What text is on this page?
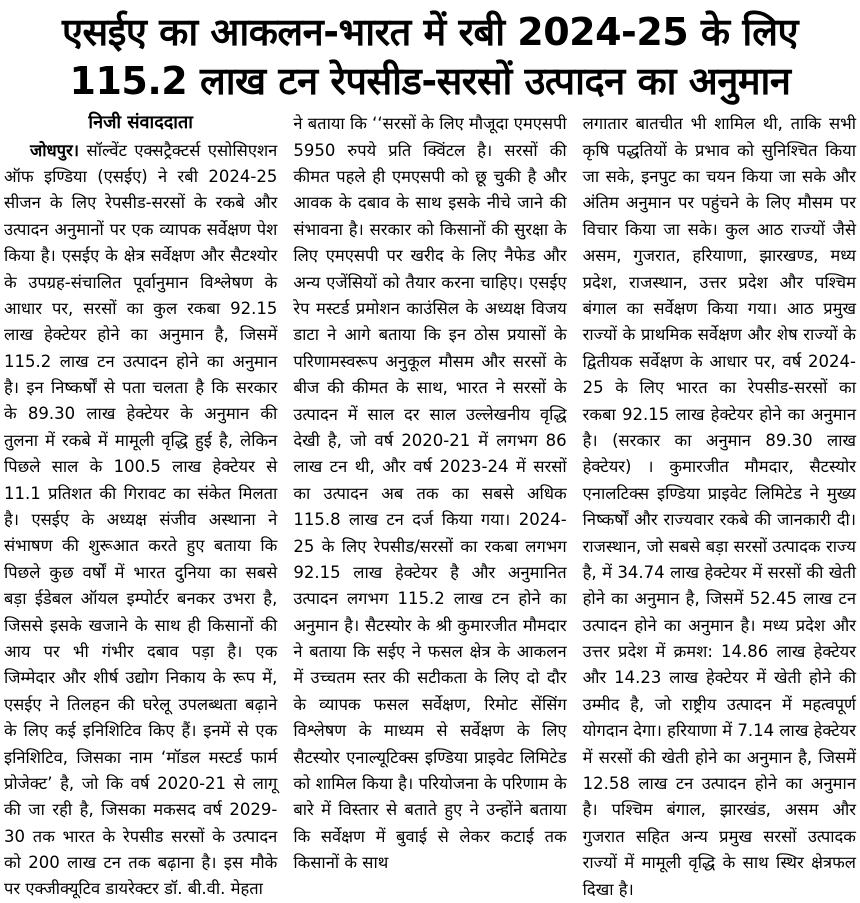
एसईए का आकलन-भारत में रबी 2024-25 के लिए
115.2 लाख टन रेपसीड-सरसों उत्पादन का अनुमान
निजी संवाददाता

जोधपुर। सॉल्वेंट एक्सट्रैक्टर्स एसोसिएशन ऑफ इण्डिया (एसईए) ने रबी 2024-25 सीजन के लिए रेपसीड-सरसों के रकबे और उत्पादन अनुमानों पर एक व्यापक सर्वेक्षण पेश किया है। एसईए के क्षेत्र सर्वेक्षण और सैटश्योर के उपग्रह-संचालित पूर्वानुमान विश्लेषण के आधार पर, सरसों का कुल रकबा 92.15 लाख हेक्टेयर होने का अनुमान है, जिसमें 115.2 लाख टन उत्पादन होने का अनुमान है। इन निष्कर्षों से पता चलता है कि सरकार के 89.30 लाख हेक्टेयर के अनुमान की तुलना में रकबे में मामूली वृद्धि हुई है, लेकिन पिछले साल के 100.5 लाख हेक्टेयर से 11.1 प्रतिशत की गिरावट का संकेत मिलता है। एसईए के अध्यक्ष संजीव अस्थाना ने संभाषण की शुरूआत करते हुए बताया कि पिछले कुछ वर्षों में भारत दुनिया का सबसे बड़ा ईडेबल ऑयल इम्पोर्टर बनकर उभरा है, जिससे इसके खजाने के साथ ही किसानों की आय पर भी गंभीर दबाव पड़ा है। एक जिम्मेदार और शीर्ष उद्योग निकाय के रूप में, एसईए ने तिलहन की घरेलू उपलब्धता बढ़ाने के लिए कई इनिशिटिव किए हैं। इनमें से एक इनिशिटिव, जिसका नाम ‘मॉडल मस्टर्ड फार्म प्रोजेक्ट’ है, जो कि वर्ष 2020-21 से लागू की जा रही है, जिसका मकसद वर्ष 2029-30 तक भारत के रेपसीड सरसों के उत्पादन को 200 लाख टन तक बढ़ाना है। इस मौके पर एक्जीक्यूटिव डायरेक्टर डॉ. बी.वी. मेहता

ने बताया कि ‘‘सरसों के लिए मौजूदा एमएसपी 5950 रुपये प्रति क्विंटल है। सरसों की कीमत पहले ही एमएसपी को छू चुकी है और आवक के दबाव के साथ इसके नीचे जाने की संभावना है। सरकार को किसानों की सुरक्षा के लिए एमएसपी पर खरीद के लिए नैफेड और अन्य एजेंसियों को तैयार करना चाहिए। एसईए रेप मस्टर्ड प्रमोशन काउंसिल के अध्यक्ष विजय डाटा ने आगे बताया कि इन ठोस प्रयासों के परिणामस्वरूप अनुकूल मौसम और सरसों के बीज की कीमत के साथ, भारत ने सरसों के उत्पादन में साल दर साल उल्लेखनीय वृद्धि देखी है, जो वर्ष 2020-21 में लगभग 86 लाख टन थी, और वर्ष 2023-24 में सरसों का उत्पादन अब तक का सबसे अधिक 115.8 लाख टन दर्ज किया गया। 2024-25 के लिए रेपसीड/सरसों का रकबा लगभग 92.15 लाख हेक्टेयर है और अनुमानित उत्पादन लगभग 115.2 लाख टन होने का अनुमान है। सैटस्योर के श्री कुमारजीत मौमदार ने बताया कि सईए ने फसल क्षेत्र के आकलन में उच्चतम स्तर की सटीकता के लिए दो दौर के व्यापक फसल सर्वेक्षण, रिमोट सेंसिंग विश्लेषण के माध्यम से सर्वेक्षण के लिए सैटस्योर एनाल्यूटिक्स इण्डिया प्राइवेट लिमिटेड को शामिल किया है। परियोजना के परिणाम के बारे में विस्तार से बताते हुए ने उन्होंने बताया कि सर्वेक्षण में बुवाई से लेकर कटाई तक किसानों के साथ

लगातार बातचीत भी शामिल थी, ताकि सभी कृषि पद्धतियों के प्रभाव को सुनिश्चित किया जा सके, इनपुट का चयन किया जा सके और अंतिम अनुमान पर पहुंचने के लिए मौसम पर विचार किया जा सके। कुल आठ राज्यों जैसे असम, गुजरात, हरियाणा, झारखण्ड, मध्य प्रदेश, राजस्थान, उत्तर प्रदेश और पश्चिम बंगाल का सर्वेक्षण किया गया। आठ प्रमुख राज्यों के प्राथमिक सर्वेक्षण और शेष राज्यों के द्वितीयक सर्वेक्षण के आधार पर, वर्ष 2024-25 के लिए भारत का रेपसीड-सरसों का रकबा 92.15 लाख हेक्टेयर होने का अनुमान है। (सरकार का अनुमान 89.30 लाख हेक्टेयर) । कुमारजीत मौमदार, सैटस्योर एनालटिक्स इण्डिया प्राइवेट लिमिटेड ने मुख्य निष्कर्षों और राज्यवार रकबे की जानकारी दी। राजस्थान, जो सबसे बड़ा सरसों उत्पादक राज्य है, में 34.74 लाख हेक्टेयर में सरसों की खेती होने का अनुमान है, जिसमें 52.45 लाख टन उत्पादन होने का अनुमान है। मध्य प्रदेश और उत्तर प्रदेश में क्रमश: 14.86 लाख हेक्टेयर और 14.23 लाख हेक्टेयर में खेती होने की उम्मीद है, जो राष्ट्रीय उत्पादन में महत्वपूर्ण योगदान देगा। हरियाणा में 7.14 लाख हेक्टेयर में सरसों की खेती होने का अनुमान है, जिसमें 12.58 लाख टन उत्पादन होने का अनुमान है। पश्चिम बंगाल, झारखंड, असम और गुजरात सहित अन्य प्रमुख सरसों उत्पादक राज्यों में मामूली वृद्धि के साथ स्थिर क्षेत्रफल दिखा है।
